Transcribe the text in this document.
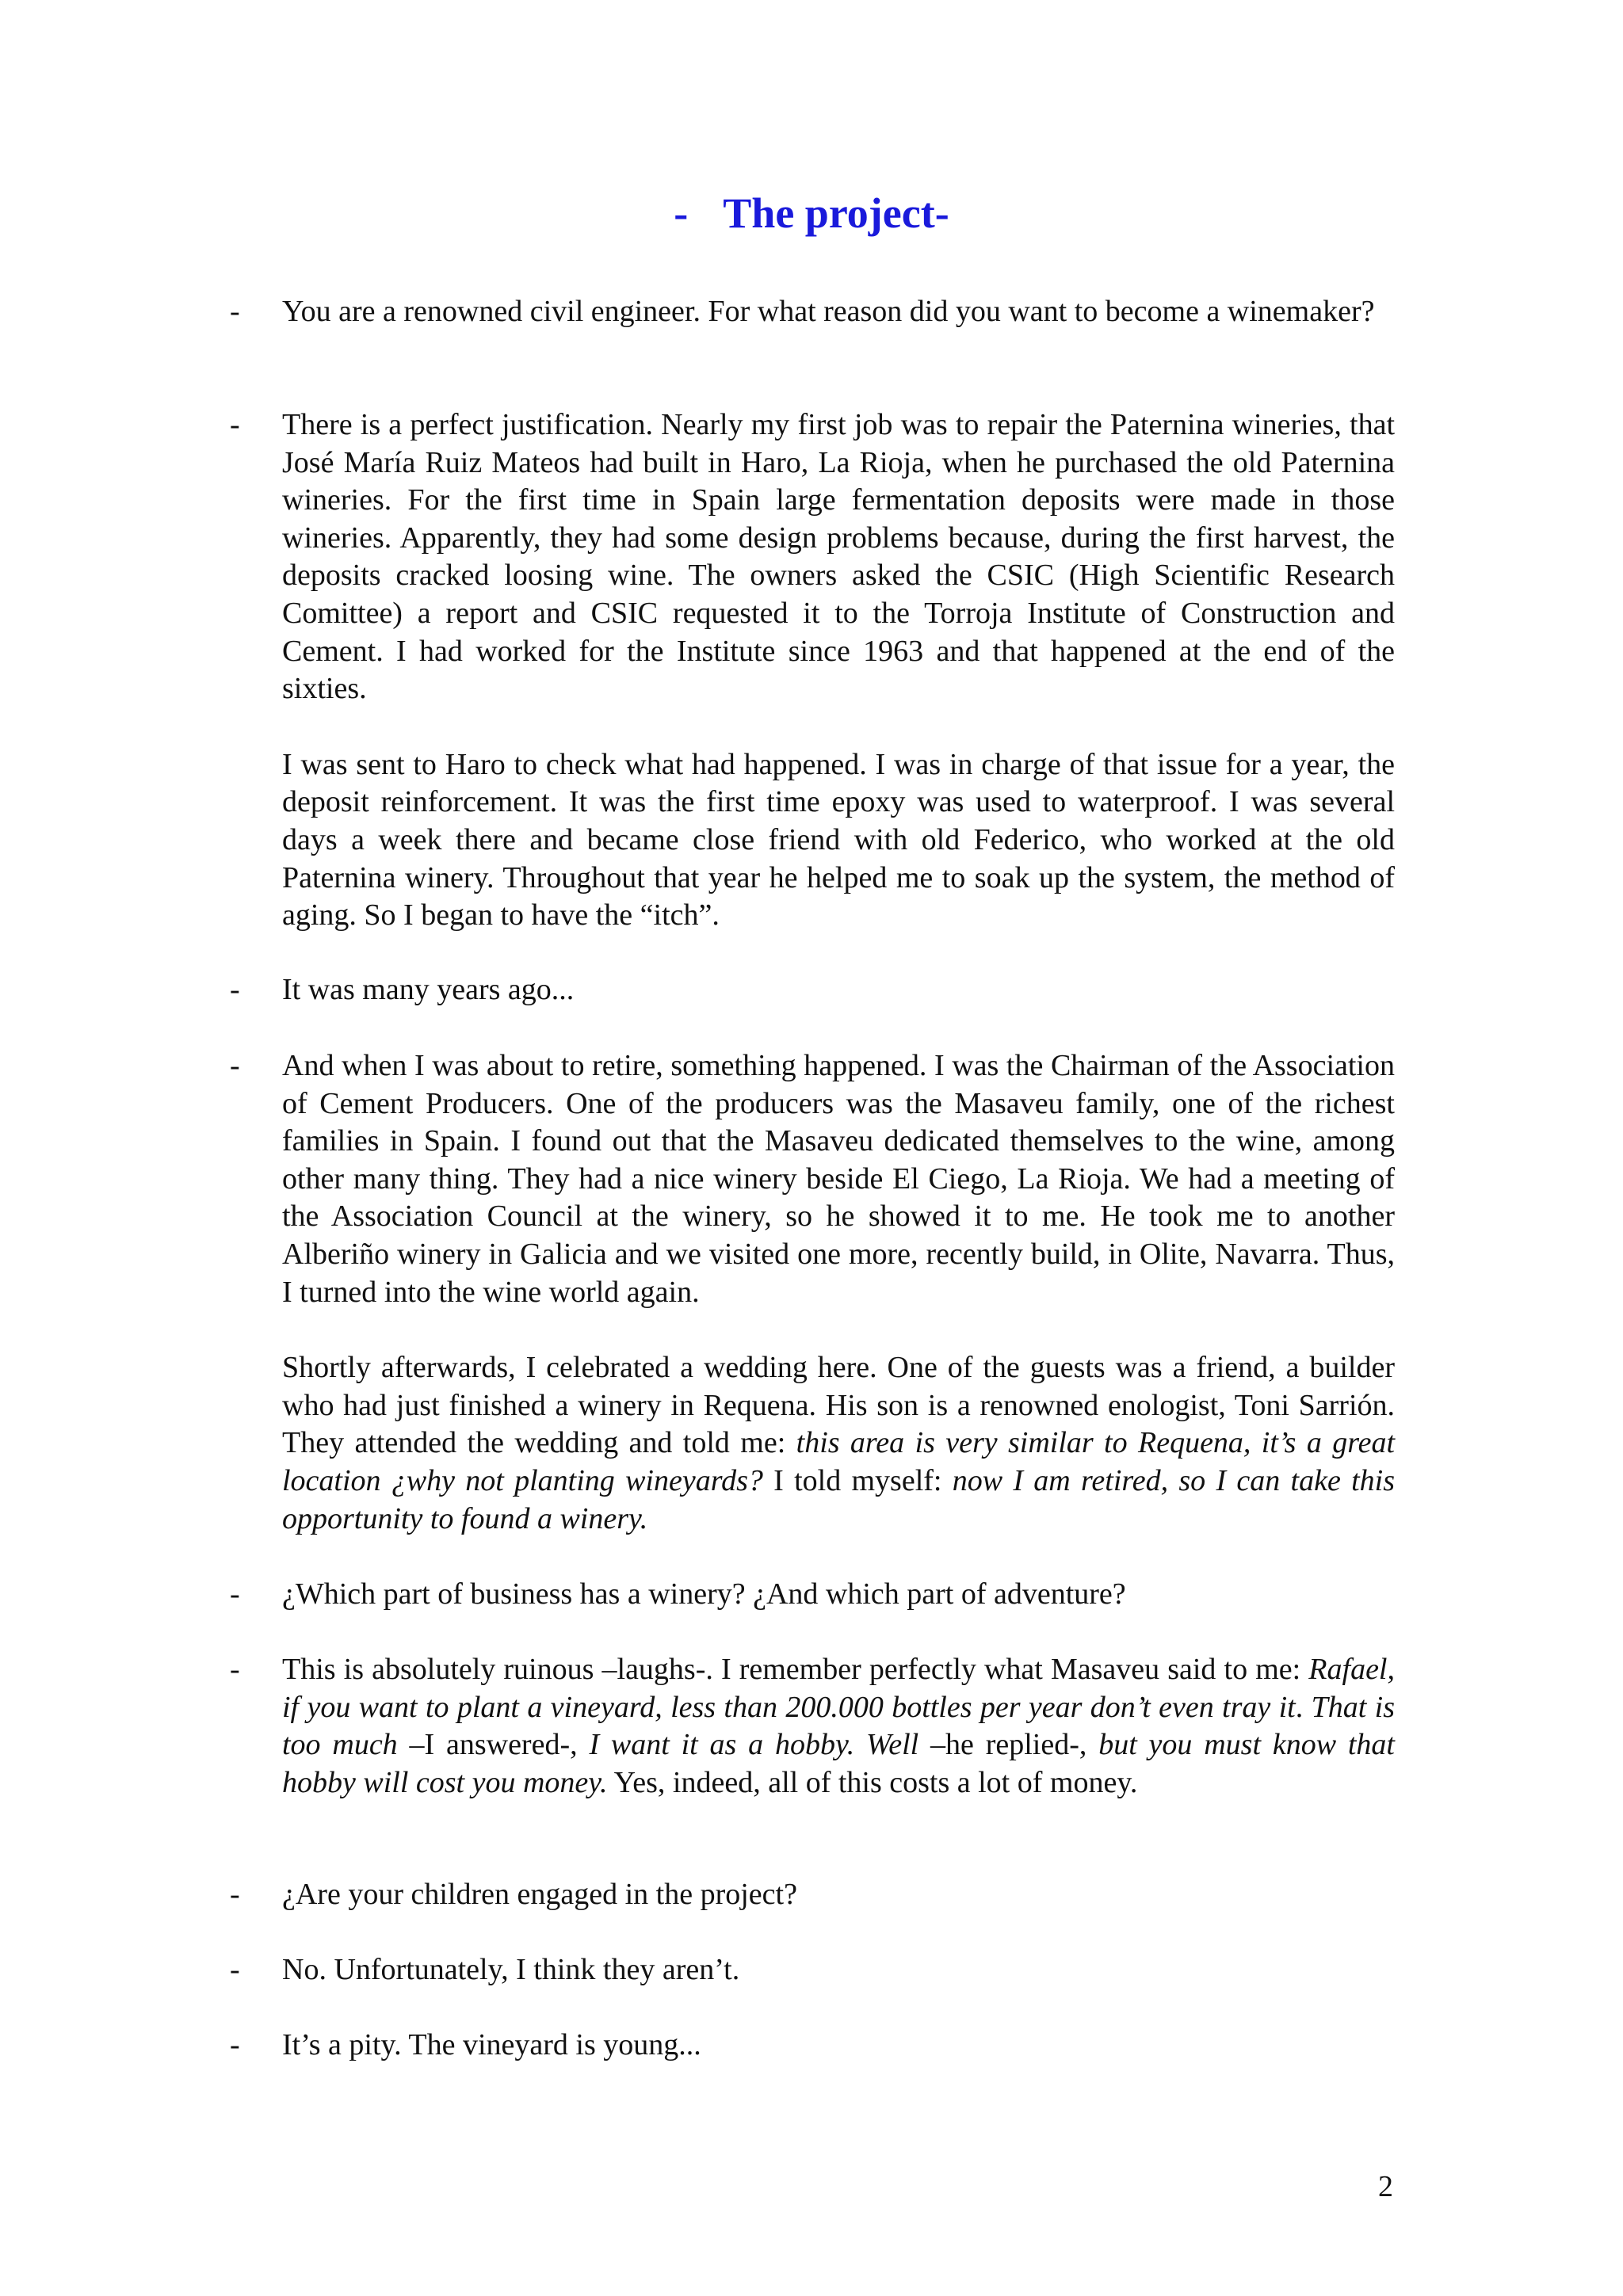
- The project-
- You are a renowned civil engineer. For what reason did you want to become a winemaker?

- There is a perfect justification. Nearly my first job was to repair the Paternina wineries, that José María Ruiz Mateos had built in Haro, La Rioja, when he purchased the old Paternina wineries. For the first time in Spain large fermentation deposits were made in those wineries. Apparently, they had some design problems because, during the first harvest, the deposits cracked loosing wine. The owners asked the CSIC (High Scientific Research Comittee) a report and CSIC requested it to the Torroja Institute of Construction and Cement. I had worked for the Institute since 1963 and that happened at the end of the sixties.

I was sent to Haro to check what had happened. I was in charge of that issue for a year, the deposit reinforcement. It was the first time epoxy was used to waterproof. I was several days a week there and became close friend with old Federico, who worked at the old Paternina winery. Throughout that year he helped me to soak up the system, the method of aging. So I began to have the “itch”.

- It was many years ago...

- And when I was about to retire, something happened. I was the Chairman of the Association of Cement Producers. One of the producers was the Masaveu family, one of the richest families in Spain. I found out that the Masaveu dedicated themselves to the wine, among other many thing. They had a nice winery beside El Ciego, La Rioja. We had a meeting of the Association Council at the winery, so he showed it to me. He took me to another Alberiño winery in Galicia and we visited one more, recently build, in Olite, Navarra. Thus, I turned into the wine world again.

Shortly afterwards, I celebrated a wedding here. One of the guests was a friend, a builder who had just finished a winery in Requena. His son is a renowned enologist, Toni Sarrión. They attended the wedding and told me: this area is very similar to Requena, it’s a great location ¿why not planting wineyards? I told myself: now I am retired, so I can take this opportunity to found a winery.

- ¿Which part of business has a winery? ¿And which part of adventure?

- This is absolutely ruinous –laughs-. I remember perfectly what Masaveu said to me: Rafael, if you want to plant a vineyard, less than 200.000 bottles per year don’t even tray it. That is too much –I answered-, I want it as a hobby. Well –he replied-, but you must know that hobby will cost you money. Yes, indeed, all of this costs a lot of money.

- ¿Are your children engaged in the project?

- No. Unfortunately, I think they aren’t.

- It’s a pity. The vineyard is young...

2
